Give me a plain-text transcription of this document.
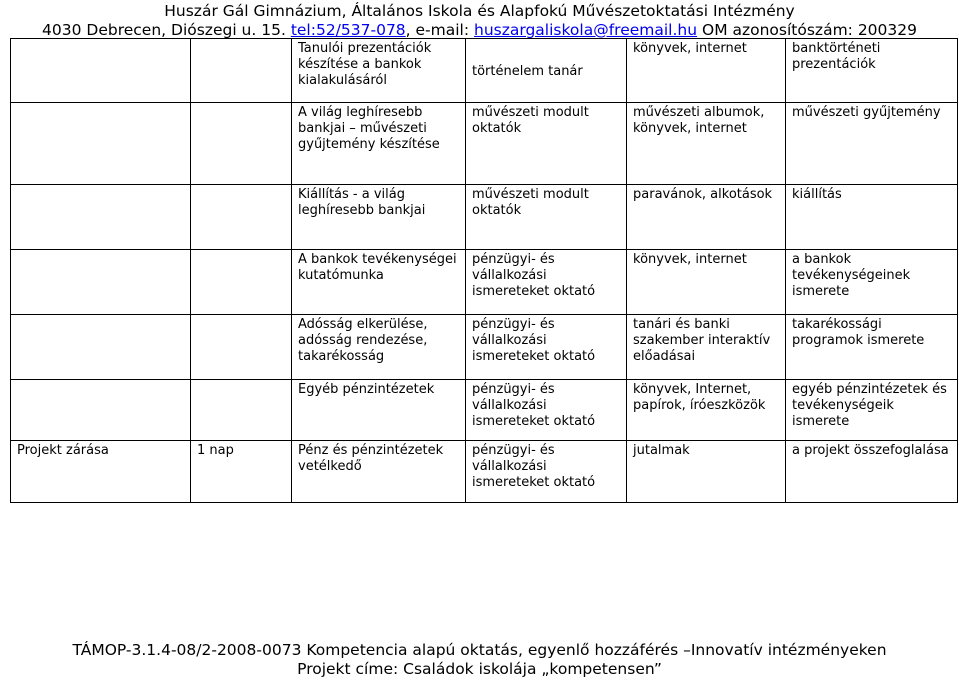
Huszár Gál Gimnázium, Általános Iskola és Alapfokú Művészetoktatási Intézmény
4030 Debrecen, Diószegi u. 15. tel:52/537-078, e-mail: huszargaliskola@freemail.hu OM azonosítószám: 200329
		Tanulói prezentációk készítése a bankok kialakulásáról	történelem tanár	könyvek, internet	banktörténeti prezentációk
		A világ leghíresebb bankjai – művészeti gyűjtemény készítése	művészeti modult oktatók	művészeti albumok, könyvek, internet	művészeti gyűjtemény
		Kiállítás - a világ leghíresebb bankjai	művészeti modult oktatók	paravánok, alkotások	kiállítás
		A bankok tevékenységei kutatómunka	pénzügyi- és vállalkozási ismereteket oktató	könyvek, internet	a bankok tevékenységeinek ismerete
		Adósság elkerülése, adósság rendezése, takarékosság	pénzügyi- és vállalkozási ismereteket oktató	tanári és banki szakember interaktív előadásai	takarékossági programok ismerete
		Egyéb pénzintézetek	pénzügyi- és vállalkozási ismereteket oktató	könyvek, Internet, papírok, íróeszközök	egyéb pénzintézetek és tevékenységeik ismerete
Projekt zárása	1 nap	Pénz és pénzintézetek vetélkedő	pénzügyi- és vállalkozási ismereteket oktató	jutalmak	a projekt összefoglalása
TÁMOP-3.1.4-08/2-2008-0073 Kompetencia alapú oktatás, egyenlő hozzáférés –Innovatív intézményeken
Projekt címe: Családok iskolája „kompetensen”
